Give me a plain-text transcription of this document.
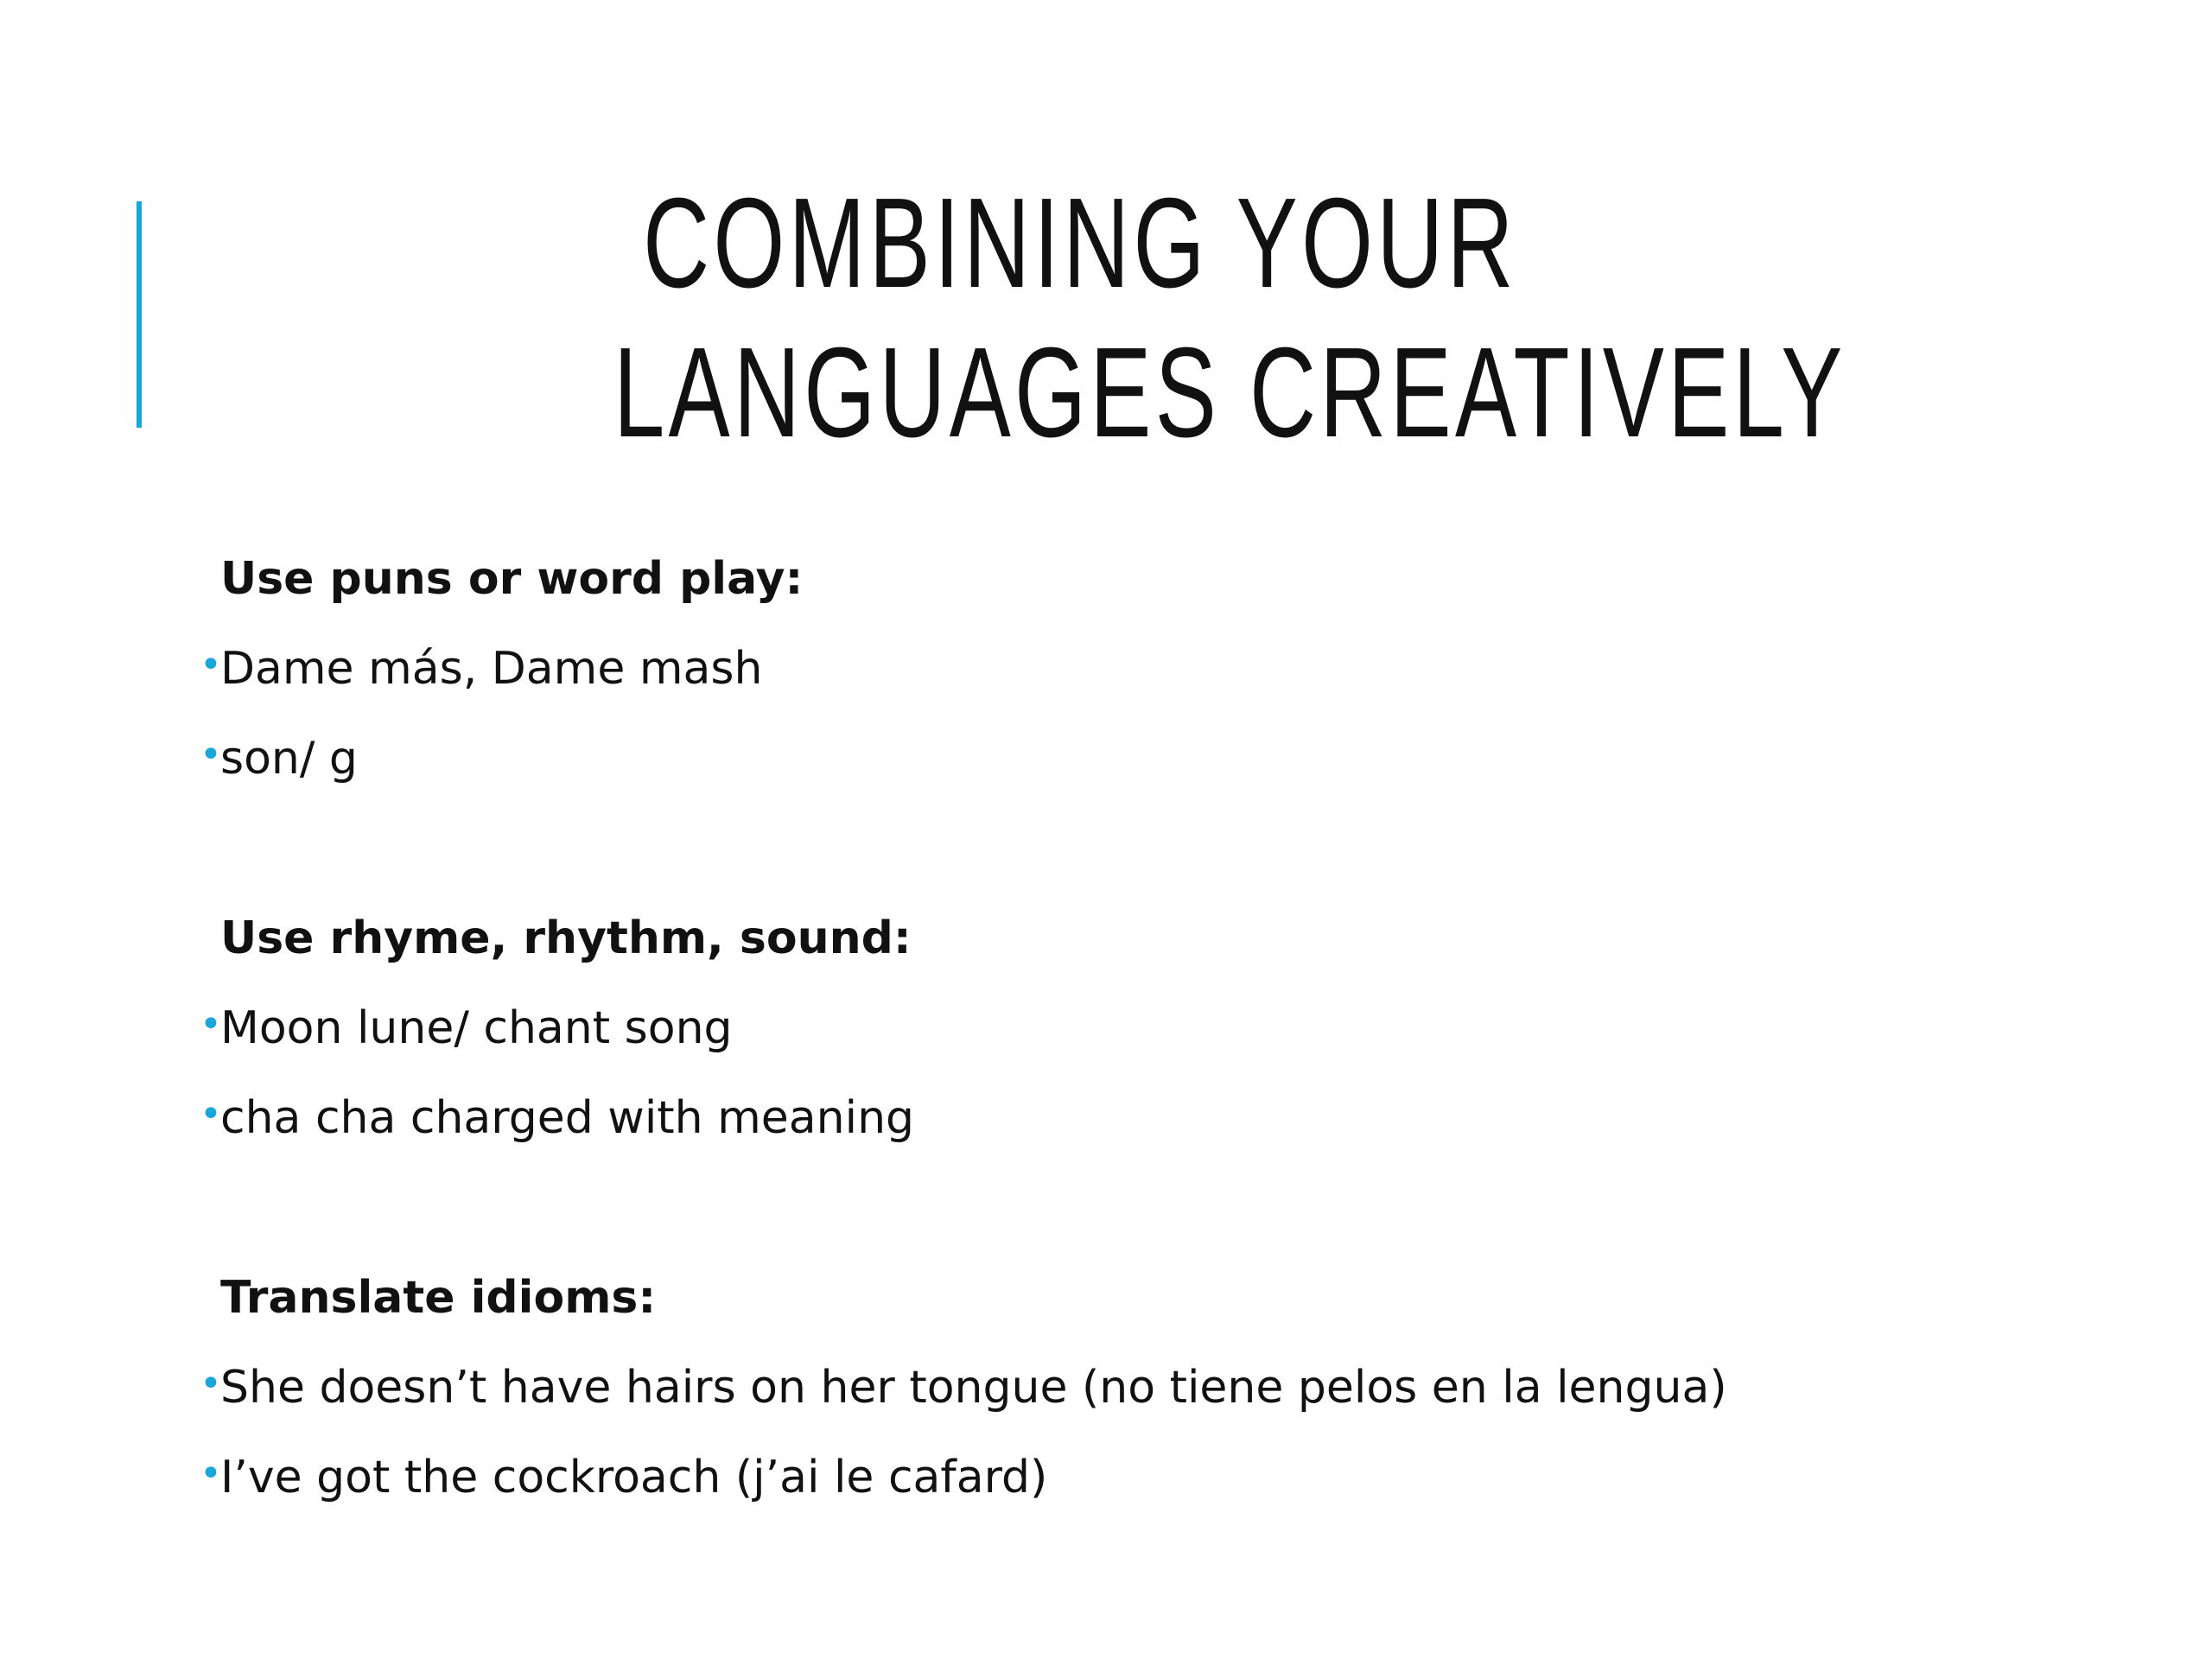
COMBINING YOUR
LANGUAGES CREATIVELY
Use puns or word play:
•
Dame más, Dame mash
•
son/ g
Use rhyme, rhythm, sound:
•
Moon lune/ chant song
•
cha cha charged with meaning
Translate idioms:
•
She doesn’t have hairs on her tongue (no tiene pelos en la lengua)
•
I’ve got the cockroach (j’ai le cafard)
